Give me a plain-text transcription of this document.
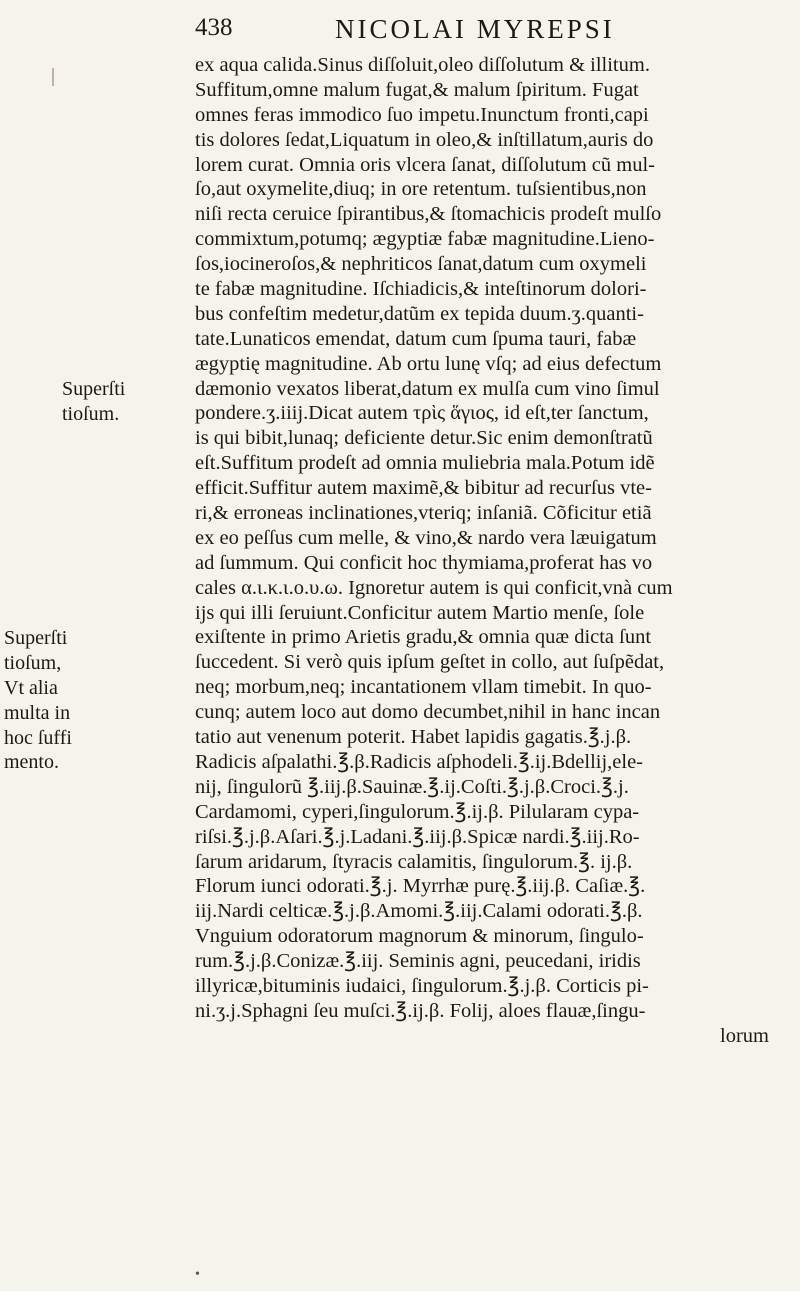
438	NICOLAI MYREPSI
ex aqua calida.Sinus diſſoluit,oleo diſſolutum & illitum.
Suffitum,omne malum fugat,& malum ſpiritum. Fugat
omnes feras immodico ſuo impetu.Inunctum fronti,capi
tis dolores ſedat,Liquatum in oleo,& inſtillatum,auris do
lorem curat. Omnia oris vlcera ſanat, diſſolutum cũ mul-
ſo,aut oxymelite,diuq; in ore retentum. tuſsientibus,non
niſi recta ceruice ſpirantibus,& ſtomachicis prodeſt mulſo
commixtum,potumq; ægyptiæ fabæ magnitudine.Lieno-
ſos,iocineroſos,& nephriticos ſanat,datum cum oxymeli
te fabæ magnitudine. Iſchiadicis,& inteſtinorum dolori-
bus confeſtim medetur,datũm ex tepida duum.ʒ.quanti-
tate.Lunaticos emendat, datum cum ſpuma tauri, fabæ
ægyptię magnitudine. Ab ortu lunę vſq; ad eius defectum
dæmonio vexatos liberat,datum ex mulſa cum vino ſimul
pondere.ʒ.iiij.Dicat autem τρὶς ἅγιος, id eſt,ter ſanctum,
is qui bibit,lunaq; deficiente detur.Sic enim demonſtratũ
eſt.Suffitum prodeſt ad omnia muliebria mala.Potum idẽ
efficit.Suffitur autem maximẽ,& bibitur ad recurſus vte-
ri,& erroneas inclinationes,vteriq; inſaniã. Cõficitur etiã
ex eo peſſus cum melle, & vino,& nardo vera læuigatum
ad ſummum. Qui conficit hoc thymiama,proferat has vo
cales α.ι.κ.ι.ο.υ.ω. Ignoretur autem is qui conficit,vnà cum
ijs qui illi ſeruiunt.Conficitur autem Martio menſe, ſole
exiſtente in primo Arietis gradu,& omnia quæ dicta ſunt
ſuccedent. Si verò quis ipſum geſtet in collo, aut ſuſpẽdat,
neq; morbum,neq; incantationem vllam timebit. In quo-
cunq; autem loco aut domo decumbet,nihil in hanc incan
tatio aut venenum poterit. Habet lapidis gagatis.℥.j.β.
Radicis aſpalathi.℥.β.Radicis aſphodeli.℥.ij.Bdellij,ele-
nij, ſingulorũ ℥.iij.β.Sauinæ.℥.ij.Coſti.℥.j.β.Croci.℥.j.
Cardamomi, cyperi,ſingulorum.℥.ij.β. Pilularam cypa-
riſsi.℥.j.β.Aſari.℥.j.Ladani.℥.iij.β.Spicæ nardi.℥.iij.Ro-
ſarum aridarum, ſtyracis calamitis, ſingulorum.℥. ij.β.
Florum iunci odorati.℥.j. Myrrhæ purę.℥.iij.β. Caſiæ.℥.
iij.Nardi celticæ.℥.j.β.Amomi.℥.iij.Calami odorati.℥.β.
Vnguium odoratorum magnorum & minorum, ſingulo-
rum.℥.j.β.Conizæ.℥.iij. Seminis agni, peucedani, iridis
illyricæ,bituminis iudaici, ſingulorum.℥.j.β. Corticis pi-
ni.ʒ.j.Sphagni ſeu muſci.℥.ij.β. Folij, aloes flauæ,ſingu-
lorum
Superſti
tioſum.
Superſti
tioſum,
Vt alia
multa in
hoc ſuffi
mento.
•
